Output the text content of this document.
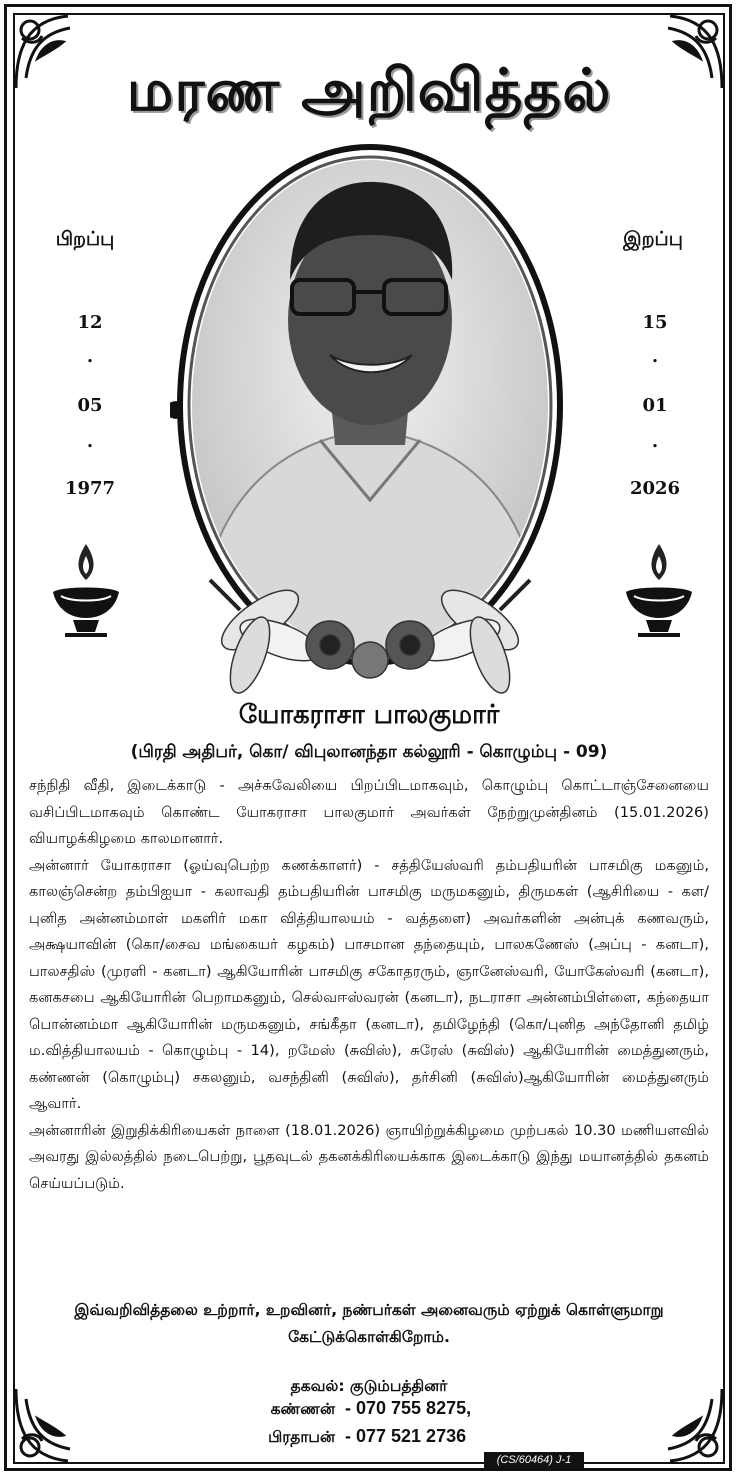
மரண அறிவித்தல்
பிறப்பு
12
.
05
.
1977
இறப்பு
15
.
01
.
2026
யோகராசா பாலகுமார்
(பிரதி அதிபர், கொ/ விபுலானந்தா கல்லூரி - கொழும்பு - 09)

சந்நிதி வீதி, இடைக்காடு - அச்சுவேலியை பிறப்பிடமாகவும், கொழும்பு கொட்டாஞ்சேனையை வசிப்பிடமாகவும் கொண்ட யோகராசா பாலகுமார் அவர்கள் நேற்றுமுன்தினம் (15.01.2026) வியாழக்கிழமை காலமானார்.

அன்னார் யோகராசா (ஓய்வுபெற்ற கணக்காளர்) - சத்தியேஸ்வரி தம்பதியரின் பாசமிகு மகனும், காலஞ்சென்ற தம்பிஐயா - கலாவதி தம்பதியரின் பாசமிகு மருமகனும், திருமகள் (ஆசிரியை - கள/ புனித அன்னம்மாள் மகளிர் மகா வித்தியாலயம் - வத்தளை) அவர்களின் அன்புக் கணவரும், அக்ஷயாவின் (கொ/சைவ மங்கையர் கழகம்) பாசமான தந்தையும், பாலகணேஸ் (அப்பு - கனடா), பாலசதிஸ் (முரளி - கனடா) ஆகியோரின் பாசமிகு சகோதரரும், ஞானேஸ்வரி, யோகேஸ்வரி (கனடா), கனகசபை ஆகியோரின் பெறாமகனும், செல்வஈஸ்வரன் (கனடா), நடராசா அன்னம்பிள்ளை, கந்தையா பொன்னம்மா ஆகியோரின் மருமகனும், சங்கீதா (கனடா), தமிழேந்தி (கொ/புனித அந்தோனி தமிழ் ம.வித்தியாலயம் - கொழும்பு - 14), றமேஸ் (சுவிஸ்), சுரேஸ் (சுவிஸ்) ஆகியோரின் மைத்துனரும், கண்ணன் (கொழும்பு) சகலனும், வசந்தினி (சுவிஸ்), தர்சினி (சுவிஸ்)ஆகியோரின் மைத்துனரும் ஆவார்.

அன்னாரின் இறுதிக்கிரியைகள் நாளை (18.01.2026) ஞாயிற்றுக்கிழமை முற்பகல் 10.30 மணியளவில் அவரது இல்லத்தில் நடைபெற்று, பூதவுடல் தகனக்கிரியைக்காக இடைக்காடு இந்து மயானத்தில் தகனம் செய்யப்படும்.

இவ்வறிவித்தலை உற்றார், உறவினர், நண்பர்கள் அனைவரும் ஏற்றுக் கொள்ளுமாறு
கேட்டுக்கொள்கிறோம்.
தகவல்: குடும்பத்தினர்
கண்ணன் - 070 755 8275,
பிரதாபன் - 077 521 2736
(CS/60464) J-1
